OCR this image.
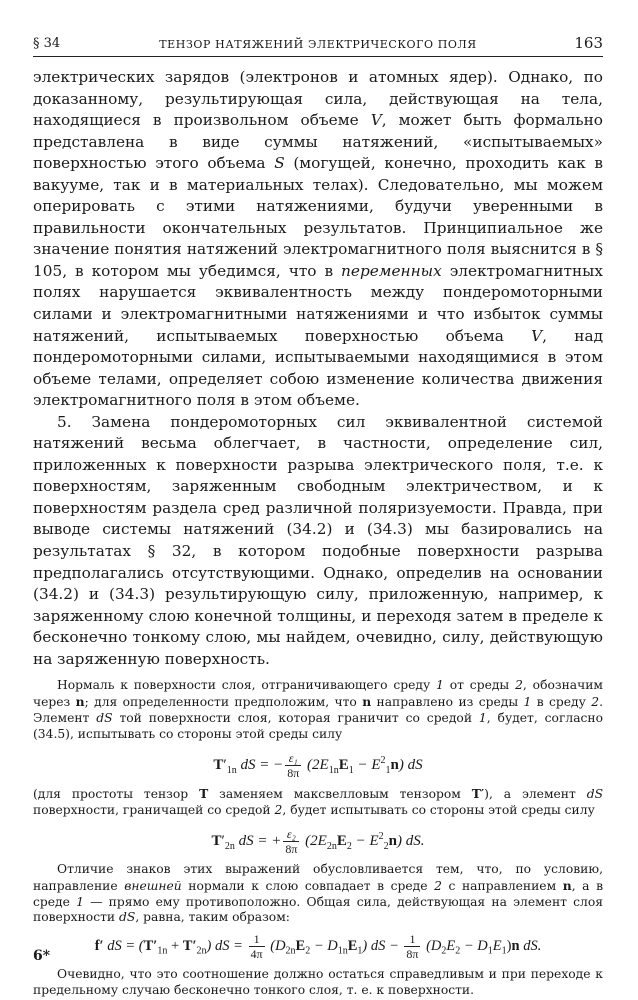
§ 34	ТЕНЗОР НАТЯЖЕНИЙ ЭЛЕКТРИЧЕСКОГО ПОЛЯ	163

электрических зарядов (электронов и атомных ядер). Однако, по доказанному, результирующая сила, действующая на тела, находящиеся в произвольном объеме V, может быть формально представлена в виде суммы натяжений, «испытываемых» поверхностью этого объема S (могущей, конечно, проходить как в вакууме, так и в материальных телах). Следовательно, мы можем оперировать с этими натяжениями, будучи уверенными в правильности окончательных результатов. Принципиальное же значение понятия натяжений электромагнитного поля выяснится в § 105, в котором мы убедимся, что в переменных электромагнитных полях нарушается эквивалентность между пондеромоторными силами и электромагнитными натяжениями и что избыток суммы натяжений, испытываемых поверхностью объема V, над пондеромоторными силами, испытываемыми находящимися в этом объеме телами, определяет собою изменение количества движения электромагнитного поля в этом объеме.

5. Замена пондеромоторных сил эквивалентной системой натяжений весьма облегчает, в частности, определение сил, приложенных к поверхности разрыва электрического поля, т.е. к поверхностям, заряженным свободным электричеством, и к поверхностям раздела сред различной поляризуемости. Правда, при выводе системы натяжений (34.2) и (34.3) мы базировались на результатах § 32, в котором подобные поверхности разрыва предполагались отсутствующими. Однако, определив на основании (34.2) и (34.3) результирующую силу, приложенную, например, к заряженному слою конечной толщины, и переходя затем в пределе к бесконечно тонкому слою, мы найдем, очевидно, силу, действующую на заряженную поверхность.

Нормаль к поверхности слоя, отграничивающего среду 1 от среды 2, обозначим через n; для определенности предположим, что n направлено из среды 1 в среду 2. Элемент dS той поверхности слоя, которая граничит со средой 1, будет, согласно (34.5), испытывать со стороны этой среды силу

$T'_{1n}$ dS = − $\frac{\text{ε₁}}{8\pi} (2E_{1n}E_1 - E^2_1n)$ dS

(для простоты тензор T заменяем максвелловым тензором T′), а элемент dS поверхности, граничащей со средой 2, будет испытывать со стороны этой среды силу

$T'_{2n}$ dS = + $\frac{\text{ε₂}}{8\pi} (2E_{2n}E_2 - E^2_2n)$ dS.

Отличие знаков этих выражений обусловливается тем, что, по условию, направление внешней нормали к слою совпадает в среде 2 с направлением n, а в среде 1 — прямо ему противоположно. Общая сила, действующая на элемент слоя поверхности dS, равна, таким образом:

f′ dS = $(T'_{1n} + T'_{2n})$ dS = $\frac{1}{4\pi} (D_{2n}E_2 - D_{1n}E_1)$ dS − $\frac{1}{8\pi} (D_2E_2 - D_1E_1)n$ dS.

Очевидно, что это соотношение должно остаться справедливым и при переходе к предельному случаю бесконечно тонкого слоя, т. е. к поверхности.

6*
